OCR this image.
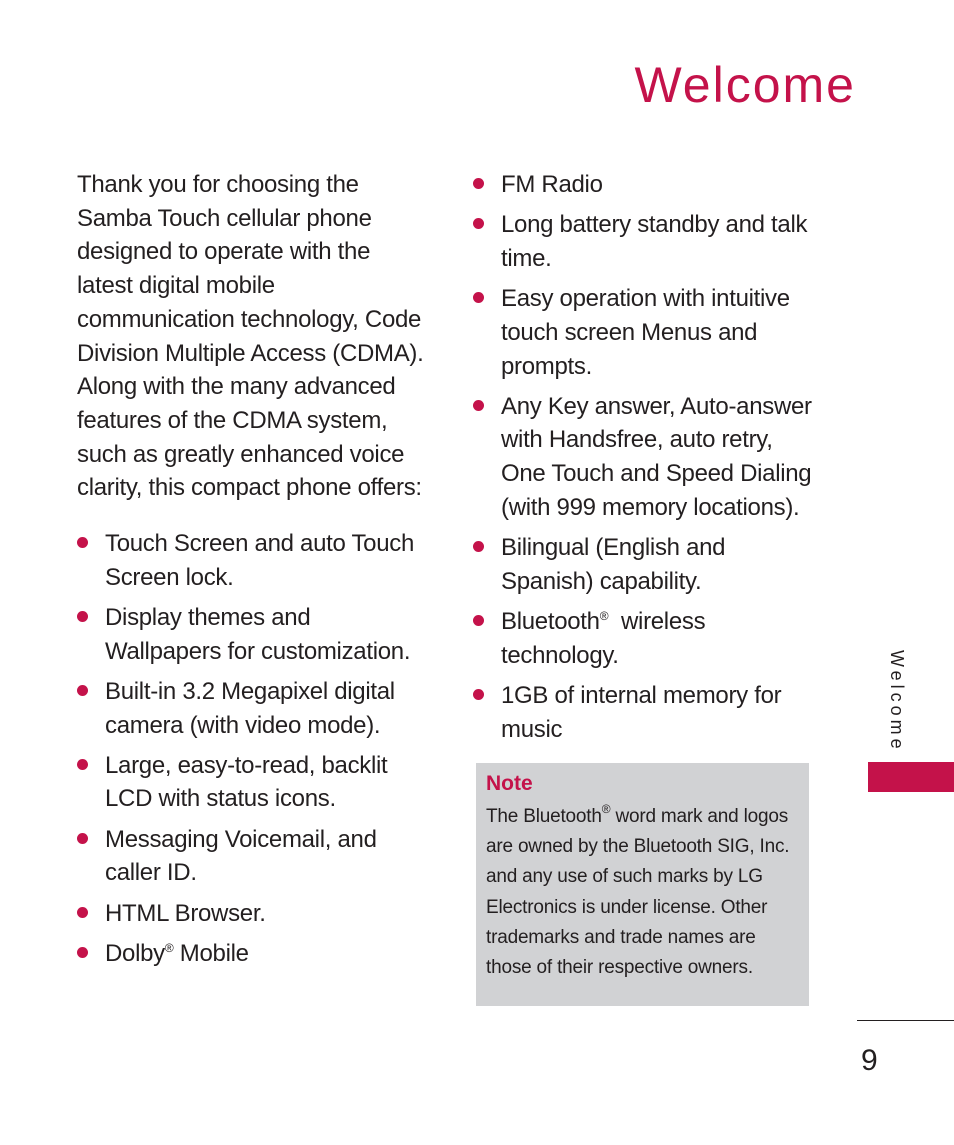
Welcome

Thank you for choosing the Samba Touch cellular phone designed to operate with the latest digital mobile communication technology, Code Division Multiple Access (CDMA). Along with the many advanced features of the CDMA system, such as greatly enhanced voice clarity, this compact phone offers:

Touch Screen and auto Touch Screen lock.
Display themes and Wallpapers for customization.
Built-in 3.2 Megapixel digital camera (with video mode).
Large, easy-to-read, backlit LCD with status icons.
Messaging Voicemail, and caller ID.
HTML Browser.
Dolby® Mobile
FM Radio
Long battery standby and talk time.
Easy operation with intuitive touch screen Menus and prompts.
Any Key answer, Auto-answer with Handsfree, auto retry, One Touch and Speed Dialing (with 999 memory locations).
Bilingual (English and Spanish) capability.
Bluetooth®  wireless technology.
1GB of internal memory for music
Note

The Bluetooth® word mark and logos are owned by the Bluetooth SIG, Inc. and any use of such marks by LG Electronics is under license. Other trademarks and trade names are those of their respective owners.

Welcome
9
